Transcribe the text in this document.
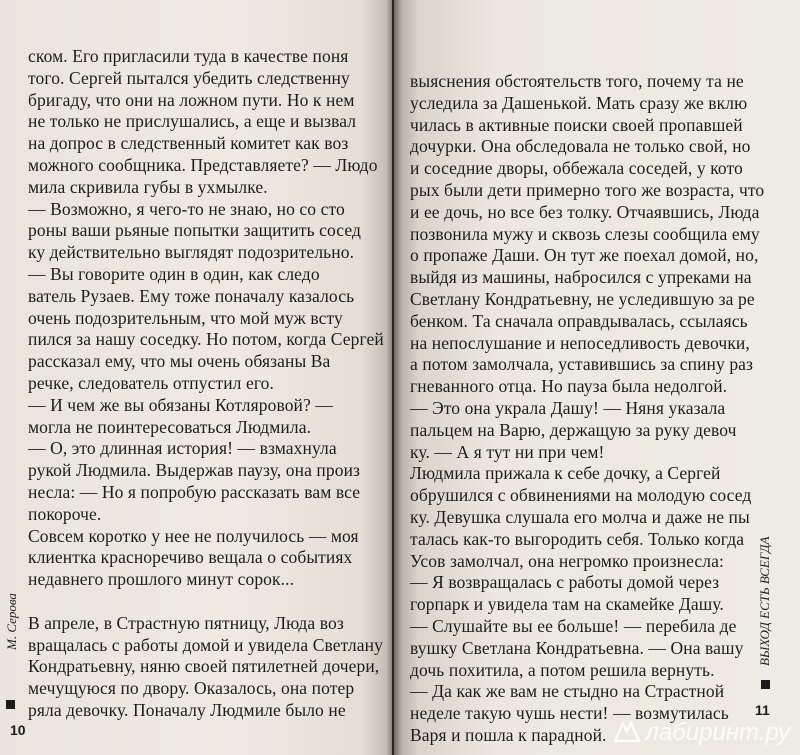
ском. Его пригласили туда в качестве поня
того. Сергей пытался убедить следственну
бригаду, что они на ложном пути. Но к нем
не только не прислушались, а еще и вызвал
на допрос в следственный комитет как воз
можного сообщника. Представляете? — Людо
мила скривила губы в ухмылке.
— Возможно, я чего-то не знаю, но со сто
роны ваши рьяные попытки защитить сосед
ку действительно выглядят подозрительно.
— Вы говорите один в один, как следо
ватель Рузаев. Ему тоже поначалу казалось
очень подозрительным, что мой муж всту
пился за нашу соседку. Но потом, когда Сергей
рассказал ему, что мы очень обязаны Ва
речке, следователь отпустил его.
— И чем же вы обязаны Котляровой? —
могла не поинтересоваться Людмила.
— О, это длинная история! — взмахнула
рукой Людмила. Выдержав паузу, она произ
несла: — Но я попробую рассказать вам все
покороче.
Совсем коротко у нее не получилось — моя
клиентка красноречиво вещала о событиях
недавнего прошлого минут сорок...
В апреле, в Страстную пятницу, Люда воз
вращалась с работы домой и увидела Светлану
Кондратьевну, няню своей пятилетней дочери,
мечущуюся по двору. Оказалось, она потер
ряла девочку. Поначалу Людмиле было не
М. Серова
10
выяснения обстоятельств того, почему та не
уследила за Дашенькой. Мать сразу же вклю
чилась в активные поиски своей пропавшей
дочурки. Она обследовала не только свой, но
и соседние дворы, оббежала соседей, у кото
рых были дети примерно того же возраста, что
и ее дочь, но все без толку. Отчаявшись, Люда
позвонила мужу и сквозь слезы сообщила ему
о пропаже Даши. Он тут же поехал домой, но,
выйдя из машины, набросился с упреками на
Светлану Кондратьевну, не уследившую за ре
бенком. Та сначала оправдывалась, ссылаясь
на непослушание и непоседливость девочки,
а потом замолчала, уставившись за спину раз
гневанного отца. Но пауза была недолгой.
— Это она украла Дашу! — Няня указала
пальцем на Варю, держащую за руку девоч
ку. — А я тут ни при чем!
Людмила прижала к себе дочку, а Сергей
обрушился с обвинениями на молодую сосед
ку. Девушка слушала его молча и даже не пы
талась как-то выгородить себя. Только когда
Усов замолчал, она негромко произнесла:
— Я возвращалась с работы домой через
горпарк и увидела там на скамейке Дашу.
— Слушайте вы ее больше! — перебила де
вушку Светлана Кондратьевна. — Она вашу
дочь похитила, а потом решила вернуть.
— Да как же вам не стыдно на Страстной
неделе такую чушь нести! — возмутилась
Варя и пошла к парадной.
ВЫХОД ЕСТЬ ВСЕГДА
11
лабиринт.ру
